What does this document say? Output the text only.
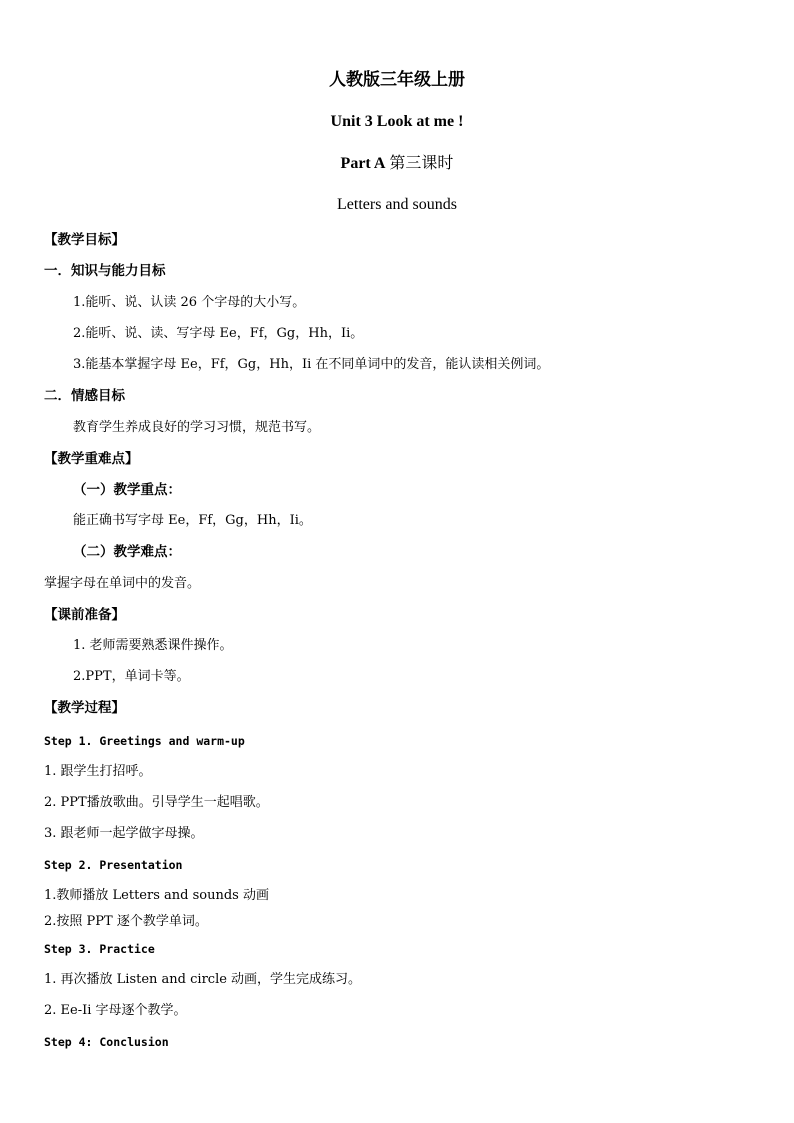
人教版三年级上册
Unit 3 Look at me !
Part A 第三课时
Letters and sounds
【教学目标】
一．知识与能力目标
1.能听、说、认读 26 个字母的大小写。
2.能听、说、读、写字母 Ee，Ff，Gg，Hh，Ii。
3.能基本掌握字母 Ee，Ff，Gg，Hh，Ii 在不同单词中的发音，能认读相关例词。
二．情感目标
教育学生养成良好的学习习惯，规范书写。
【教学重难点】
（一）教学重点：
能正确书写字母 Ee，Ff，Gg，Hh，Ii。
（二）教学难点：
掌握字母在单词中的发音。
【课前准备】
1. 老师需要熟悉课件操作。
2.PPT，单词卡等。
【教学过程】
Step 1. Greetings and warm-up
1. 跟学生打招呼。
2. PPT播放歌曲。引导学生一起唱歌。
3. 跟老师一起学做字母操。
Step 2. Presentation
1.教师播放 Letters and sounds 动画
2.按照 PPT 逐个教学单词。
Step 3. Practice
1. 再次播放 Listen and circle 动画，学生完成练习。
2. Ee-Ii 字母逐个教学。
Step 4: Conclusion
